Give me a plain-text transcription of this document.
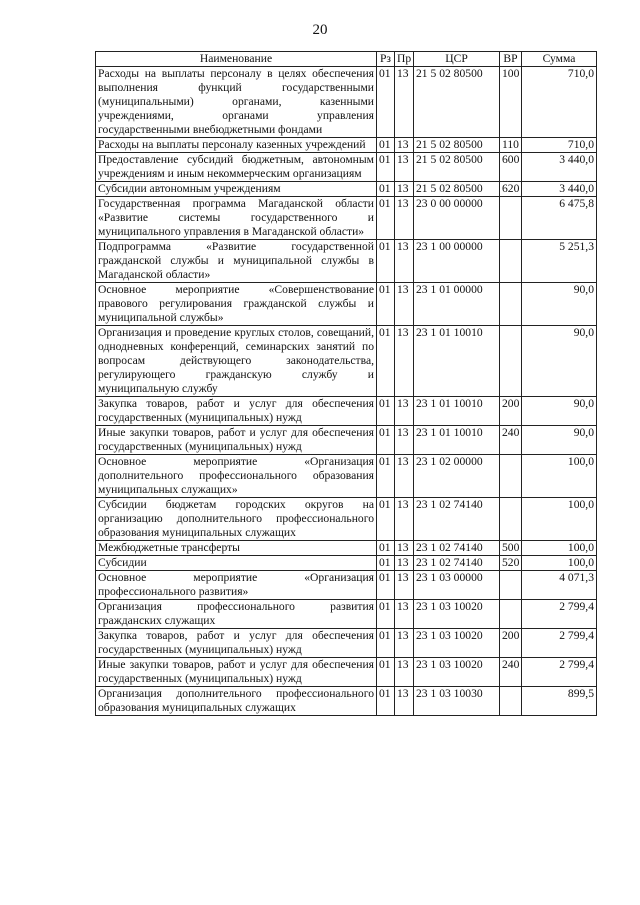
20
Наименование	Рз	Пр	ЦСР	ВР	Сумма
Расходы на выплаты персоналу в целях обеспечения выполнения функций государственными (муниципальными) органами, казенными учреждениями, органами управления государственными внебюджетными фондами	01	13	21 5 02 80500	100	710,0
Расходы на выплаты персоналу казенных учреждений	01	13	21 5 02 80500	110	710,0
Предоставление субсидий бюджетным, автономным учреждениям и иным некоммерческим организациям	01	13	21 5 02 80500	600	3 440,0
Субсидии автономным учреждениям	01	13	21 5 02 80500	620	3 440,0
Государственная программа Магаданской области «Развитие системы государственного и муниципального управления в Магаданской области»	01	13	23 0 00 00000		6 475,8
Подпрограмма «Развитие государственной гражданской службы и муниципальной службы в Магаданской области»	01	13	23 1 00 00000		5 251,3
Основное мероприятие «Совершенствование правового регулирования гражданской службы и муниципальной службы»	01	13	23 1 01 00000		90,0
Организация и проведение круглых столов, совещаний, однодневных конференций, семинарских занятий по вопросам действующего законодательства, регулирующего гражданскую службу и муниципальную службу	01	13	23 1 01 10010		90,0
Закупка товаров, работ и услуг для обеспечения государственных (муниципальных) нужд	01	13	23 1 01 10010	200	90,0
Иные закупки товаров, работ и услуг для обеспечения государственных (муниципальных) нужд	01	13	23 1 01 10010	240	90,0
Основное мероприятие «Организация дополнительного профессионального образования муниципальных служащих»	01	13	23 1 02 00000		100,0
Субсидии бюджетам городских округов на организацию дополнительного профессионального образования муниципальных служащих	01	13	23 1 02 74140		100,0
Межбюджетные трансферты	01	13	23 1 02 74140	500	100,0
Субсидии	01	13	23 1 02 74140	520	100,0
Основное мероприятие «Организация профессионального развития»	01	13	23 1 03 00000		4 071,3
Организация профессионального развития гражданских служащих	01	13	23 1 03 10020		2 799,4
Закупка товаров, работ и услуг для обеспечения государственных (муниципальных) нужд	01	13	23 1 03 10020	200	2 799,4
Иные закупки товаров, работ и услуг для обеспечения государственных (муниципальных) нужд	01	13	23 1 03 10020	240	2 799,4
Организация дополнительного профессионального образования муниципальных служащих	01	13	23 1 03 10030		899,5
